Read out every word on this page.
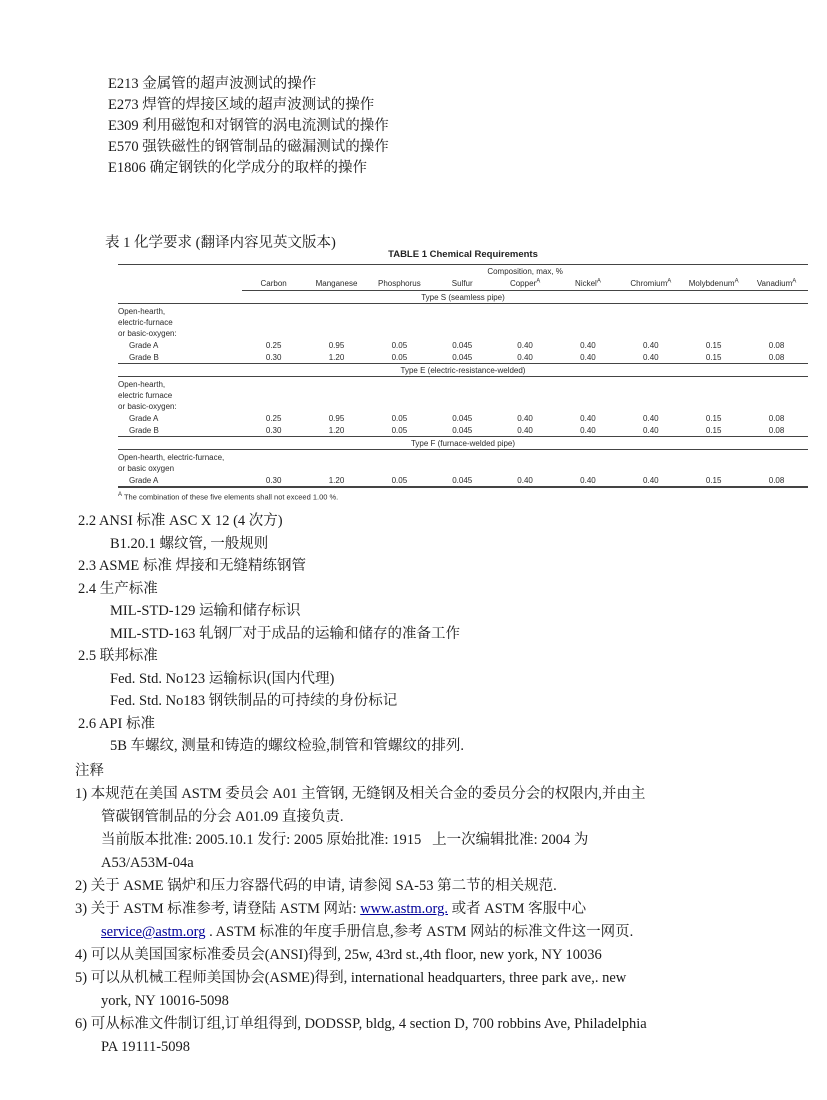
E213 金属管的超声波测试的操作
E273 焊管的焊接区域的超声波测试的操作
E309 利用磁饱和对钢管的涡电流测试的操作
E570 强铁磁性的钢管制品的磁漏测试的操作
E1806 确定钢铁的化学成分的取样的操作
表 1 化学要求 (翻译内容见英文版本)
TABLE 1 Chemical Requirements
	Composition, max, %								
	Carbon	Manganese	Phosphorus	Sulfur	Copper$^A$	Nickel$^A$	Chromium$^A$	Molybdenum$^A$	Vanadium$^A$
Type S (seamless pipe)									

Open-hearth,
electric-furnace
or basic-oxygen:									

Grade A	0.25	0.95	0.05	0.045	0.40	0.40	0.40	0.15	0.08
Grade B	0.30	1.20	0.05	0.045	0.40	0.40	0.40	0.15	0.08
Type E (electric-resistance-welded)									

Open-hearth,
electric furnace
or basic-oxygen:									

Grade A	0.25	0.95	0.05	0.045	0.40	0.40	0.40	0.15	0.08
Grade B	0.30	1.20	0.05	0.045	0.40	0.40	0.40	0.15	0.08
Type F (furnace-welded pipe)									

Open-hearth, electric-furnace,
or basic oxygen									

Grade A	0.30	1.20	0.05	0.045	0.40	0.40	0.40	0.15	0.08
$^A$ The combination of these five elements shall not exceed 1.00 %.
2.2 ANSI 标准 ASC X 12 (4 次方)
B1.20.1 螺纹管, 一般规则
2.3 ASME 标准 焊接和无缝精练钢管
2.4 生产标准
MIL-STD-129 运输和储存标识
MIL-STD-163 轧钢厂对于成品的运输和储存的准备工作
2.5 联邦标准
Fed. Std. No123 运输标识(国内代理)
Fed. Std. No183 钢铁制品的可持续的身份标记
2.6 API 标准
5B 车螺纹, 测量和铸造的螺纹检验,制管和管螺纹的排列.
注释
1) 本规范在美国 ASTM 委员会 A01 主管钢, 无缝钢及相关合金的委员分会的权限内,并由主
管碳钢管制品的分会 A01.09 直接负责.
当前版本批准: 2005.10.1 发行: 2005 原始批准: 1915   上一次编辑批准: 2004 为
A53/A53M-04a
2) 关于 ASME 锅炉和压力容器代码的申请, 请参阅 SA-53 第二节的相关规范.
3) 关于 ASTM 标准参考, 请登陆 ASTM 网站: www.astm.org. 或者 ASTM 客服中心
service@astm.org . ASTM 标准的年度手册信息,参考 ASTM 网站的标准文件这一网页.
4) 可以从美国国家标准委员会(ANSI)得到, 25w, 43rd st.,4th floor, new york, NY 10036
5) 可以从机械工程师美国协会(ASME)得到, international headquarters, three park ave,. new
york, NY 10016-5098
6) 可从标准文件制订组,订单组得到, DODSSP, bldg, 4 section D, 700 robbins Ave, Philadelphia
PA 19111-5098
